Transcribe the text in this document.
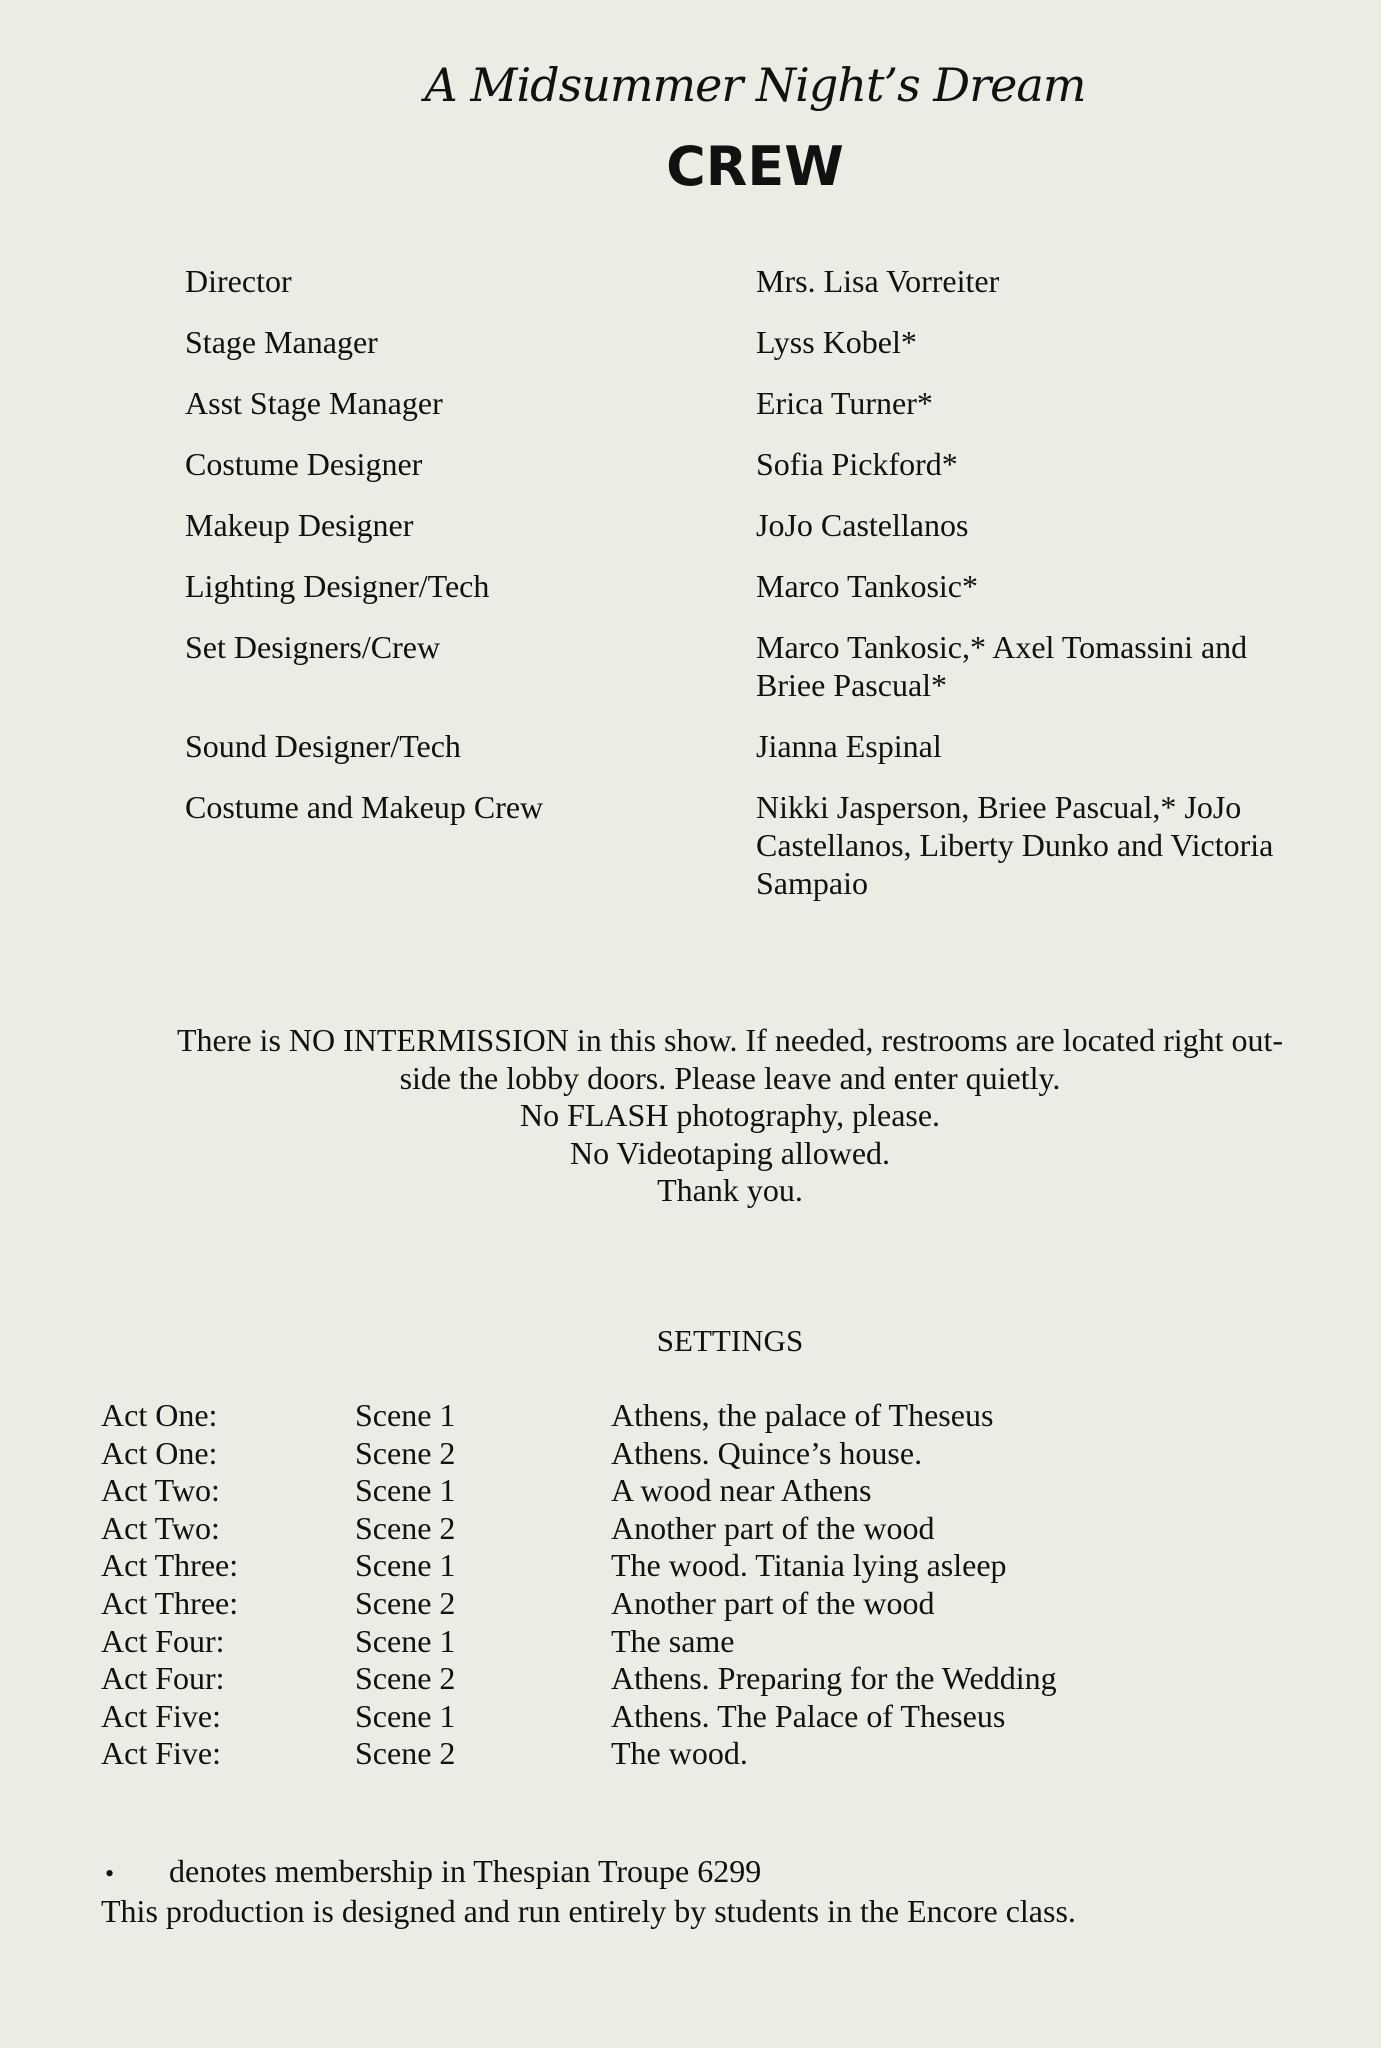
A Midsummer Night’s Dream
CREW
Director	Mrs. Lisa Vorreiter
Stage Manager	Lyss Kobel*
Asst Stage Manager	Erica Turner*
Costume Designer	Sofia Pickford*
Makeup Designer	JoJo Castellanos
Lighting Designer/Tech	Marco Tankosic*
Set Designers/Crew	Marco Tankosic,* Axel Tomassini and Briee Pascual*
Sound Designer/Tech	Jianna Espinal
Costume and Makeup Crew	Nikki Jasperson, Briee Pascual,* JoJo Castellanos, Liberty Dunko and Victoria Sampaio
There is NO INTERMISSION in this show. If needed, restrooms are located right out-
side the lobby doors. Please leave and enter quietly.
No FLASH photography, please.
No Videotaping allowed.
Thank you.
SETTINGS
Act One:	Scene 1	Athens, the palace of Theseus
Act One:	Scene 2	Athens. Quince’s house.
Act Two:	Scene 1	A wood near Athens
Act Two:	Scene 2	Another part of the wood
Act Three:	Scene 1	The wood. Titania lying asleep
Act Three:	Scene 2	Another part of the wood
Act Four:	Scene 1	The same
Act Four:	Scene 2	Athens. Preparing for the Wedding
Act Five:	Scene 1	Athens. The Palace of Theseus
Act Five:	Scene 2	The wood.
•	denotes membership in Thespian Troupe 6299
This production is designed and run entirely by students in the Encore class.
